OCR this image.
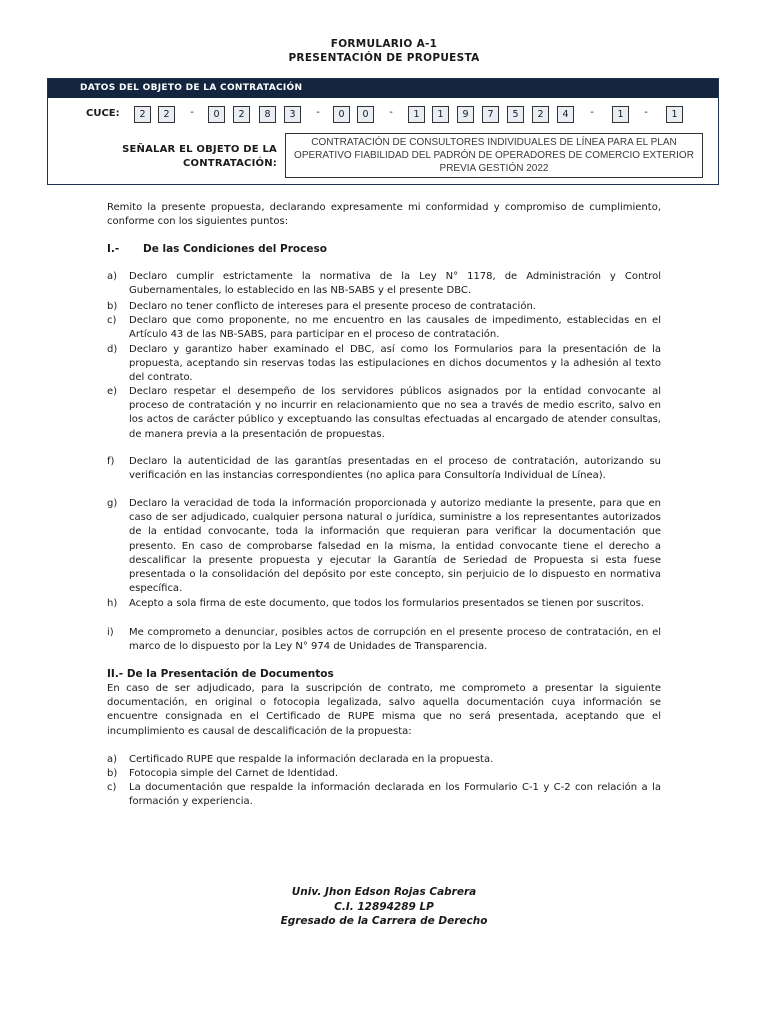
FORMULARIO A-1
PRESENTACIÓN DE PROPUESTA
DATOS DEL OBJETO DE LA CONTRATACIÓN
CUCE:	2	2	-	0	2	8	3	-	0	0	-	1	1	9	7	5	2	4	-	1	-	1
SEÑALAR EL OBJETO DE LA
CONTRATACIÓN:
CONTRATACIÓN DE CONSULTORES INDIVIDUALES DE LÍNEA PARA EL PLAN OPERATIVO FIABILIDAD DEL PADRÓN DE OPERADORES DE COMERCIO EXTERIOR PREVIA GESTIÓN 2022
Remito la presente propuesta, declarando expresamente mi conformidad y compromiso de cumplimiento, conforme con los siguientes puntos:
I.- De las Condiciones del Proceso
a)	Declaro cumplir estrictamente la normativa de la Ley N° 1178, de Administración y Control Gubernamentales, lo establecido en las NB-SABS y el presente DBC.
b)	Declaro no tener conflicto de intereses para el presente proceso de contratación.
c)	Declaro que como proponente, no me encuentro en las causales de impedimento, establecidas en el Artículo 43 de las NB-SABS, para participar en el proceso de contratación.
d)	Declaro y garantizo haber examinado el DBC, así como los Formularios para la presentación de la propuesta, aceptando sin reservas todas las estipulaciones en dichos documentos y la adhesión al texto del contrato.
e)	Declaro respetar el desempeño de los servidores públicos asignados por la entidad convocante al proceso de contratación y no incurrir en relacionamiento que no sea a través de medio escrito, salvo en los actos de carácter público y exceptuando las consultas efectuadas al encargado de atender consultas, de manera previa a la presentación de propuestas.
f)	Declaro la autenticidad de las garantías presentadas en el proceso de contratación, autorizando su verificación en las instancias correspondientes (no aplica para Consultoría Individual de Línea).
g)	Declaro la veracidad de toda la información proporcionada y autorizo mediante la presente, para que en caso de ser adjudicado, cualquier persona natural o jurídica, suministre a los representantes autorizados de la entidad convocante, toda la información que requieran para verificar la documentación que presento. En caso de comprobarse falsedad en la misma, la entidad convocante tiene el derecho a descalificar la presente propuesta y ejecutar la Garantía de Seriedad de Propuesta si esta fuese presentada o la consolidación del depósito por este concepto, sin perjuicio de lo dispuesto en normativa específica.
h)	Acepto a sola firma de este documento, que todos los formularios presentados se tienen por suscritos.
i)	Me comprometo a denunciar, posibles actos de corrupción en el presente proceso de contratación, en el marco de lo dispuesto por la Ley N° 974 de Unidades de Transparencia.
II.- De la Presentación de Documentos
En caso de ser adjudicado, para la suscripción de contrato, me comprometo a presentar la siguiente documentación, en original o fotocopia legalizada, salvo aquella documentación cuya información se encuentre consignada en el Certificado de RUPE misma que no será presentada, aceptando que el incumplimiento es causal de descalificación de la propuesta:
a)	Certificado RUPE que respalde la información declarada en la propuesta.
b)	Fotocopia simple del Carnet de Identidad.
c)	La documentación que respalde la información declarada en los Formulario C-1 y C-2 con relación a la formación y experiencia.
Univ. Jhon Edson Rojas Cabrera
C.I. 12894289 LP
Egresado de la Carrera de Derecho
